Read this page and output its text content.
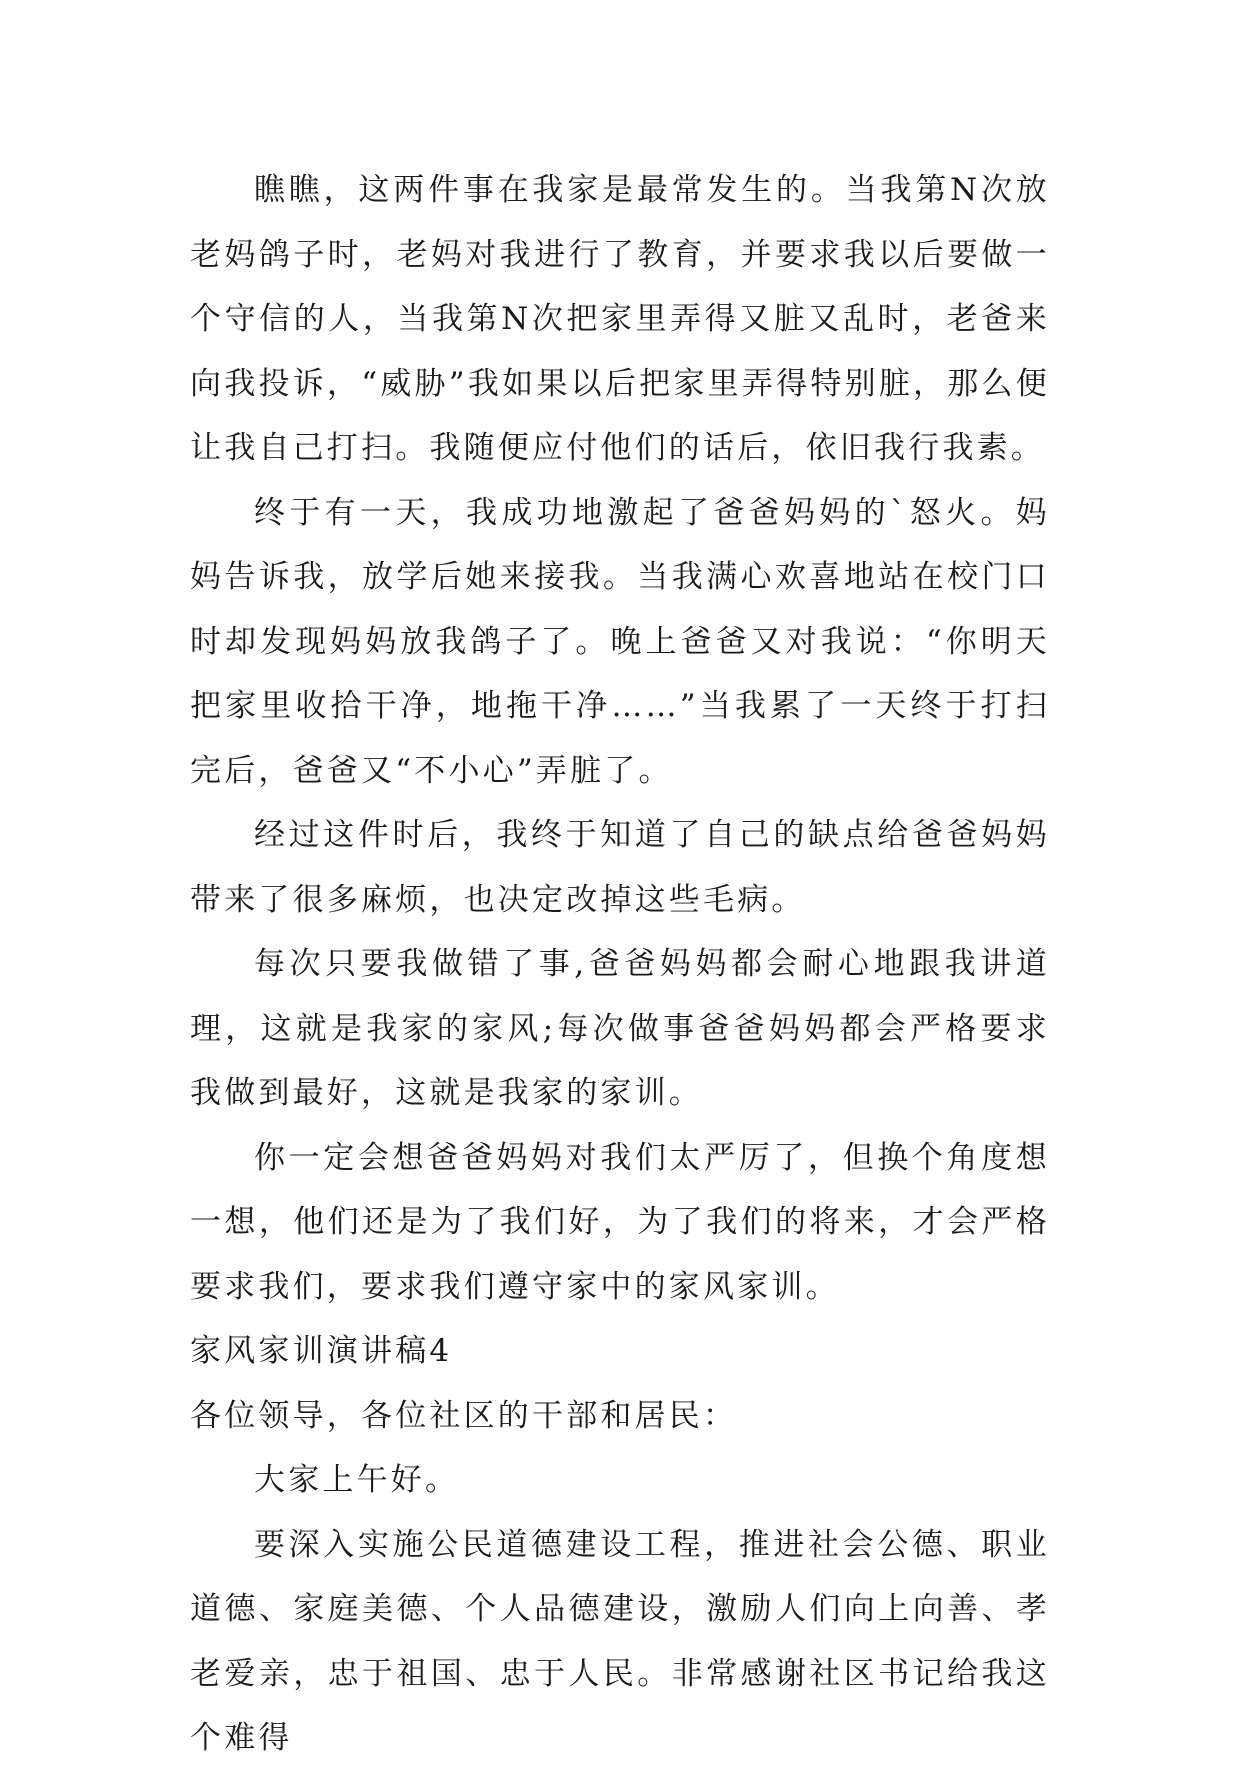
瞧瞧，这两件事在我家是最常发生的。当我第N次放老妈鸽子时，老妈对我进行了教育，并要求我以后要做一个守信的人，当我第N次把家里弄得又脏又乱时，老爸来向我投诉，“威胁”我如果以后把家里弄得特别脏，那么便让我自己打扫。我随便应付他们的话后，依旧我行我素。

终于有一天，我成功地激起了爸爸妈妈的`怒火。妈妈告诉我，放学后她来接我。当我满心欢喜地站在校门口时却发现妈妈放我鸽子了。晚上爸爸又对我说：“你明天把家里收拾干净，地拖干净……”当我累了一天终于打扫完后，爸爸又“不小心”弄脏了。

经过这件时后，我终于知道了自己的缺点给爸爸妈妈带来了很多麻烦，也决定改掉这些毛病。

每次只要我做错了事,爸爸妈妈都会耐心地跟我讲道理，这就是我家的家风;每次做事爸爸妈妈都会严格要求我做到最好，这就是我家的家训。

你一定会想爸爸妈妈对我们太严厉了，但换个角度想一想，他们还是为了我们好，为了我们的将来，才会严格要求我们，要求我们遵守家中的家风家训。

家风家训演讲稿4

各位领导，各位社区的干部和居民：

大家上午好。

要深入实施公民道德建设工程，推进社会公德、职业道德、家庭美德、个人品德建设，激励人们向上向善、孝老爱亲，忠于祖国、忠于人民。非常感谢社区书记给我这个难得
